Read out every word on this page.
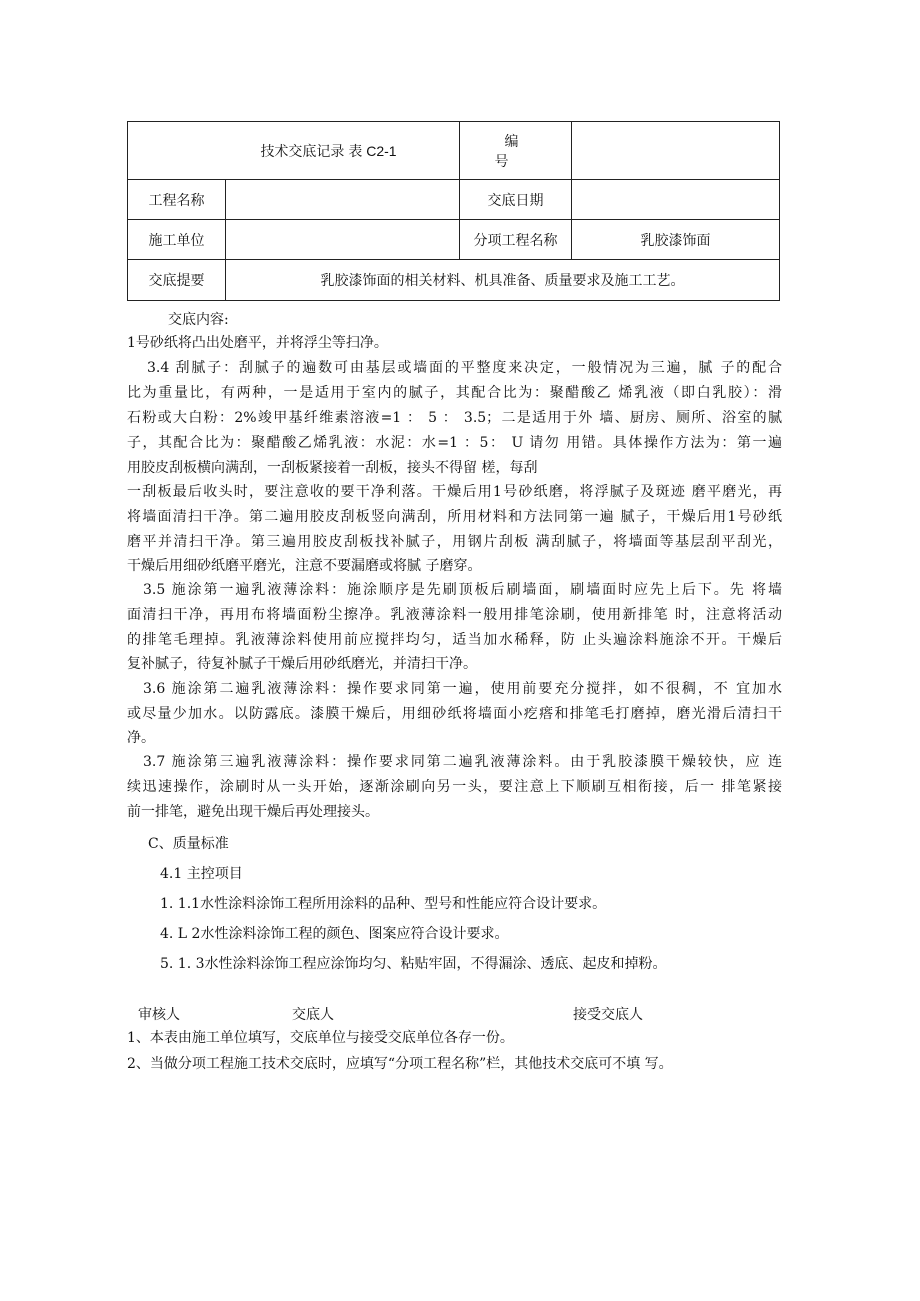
技术交底记录 表 C2-1		编 号	
工程名称		交底日期	
施工单位		分项工程名称	乳胶漆饰面
交底提要	乳胶漆饰面的相关材料、机具准备、质量要求及施工工艺。		
交底内容:
1号砂纸将凸出处磨平，并将浮尘等扫净。
3.4 刮腻子：刮腻子的遍数可由基层或墙面的平整度来决定，一般情况为三遍，腻 子的配合
比为重量比，有两种，一是适用于室内的腻子，其配合比为：聚醋酸乙 烯乳液（即白乳胶）：滑
石粉或大白粉：2%竣甲基纤维素溶液=1 ： 5 ： 3.5；二是适用于外 墙、厨房、厕所、浴室的腻
子，其配合比为：聚醋酸乙烯乳液：水泥：水=1 ：5： U 请勿 用错。具体操作方法为：第一遍
用胶皮刮板横向满刮，一刮板紧接着一刮板，接头不得留 槎，每刮
一刮板最后收头时，要注意收的要干净利落。干燥后用1号砂纸磨，将浮腻子及斑迹 磨平磨光，再
将墙面清扫干净。第二遍用胶皮刮板竖向满刮，所用材料和方法同第一遍 腻子，干燥后用1号砂纸
磨平并清扫干净。第三遍用胶皮刮板找补腻子，用钢片刮板 满刮腻子，将墙面等基层刮平刮光，
干燥后用细砂纸磨平磨光，注意不要漏磨或将腻 子磨穿。
3.5 施涂第一遍乳液薄涂料：施涂顺序是先刷顶板后刷墙面，刷墙面时应先上后下。先 将墙
面清扫干净，再用布将墙面粉尘擦净。乳液薄涂料一般用排笔涂刷，使用新排笔 时，注意将活动
的排笔毛理掉。乳液薄涂料使用前应搅拌均匀，适当加水稀释，防 止头遍涂料施涂不开。干燥后
复补腻子，待复补腻子干燥后用砂纸磨光，并清扫干净。
3.6 施涂第二遍乳液薄涂料：操作要求同第一遍，使用前要充分搅拌，如不很稠，不 宜加水
或尽量少加水。以防露底。漆膜干燥后，用细砂纸将墙面小疙瘩和排笔毛打磨掉，磨光滑后清扫干
净。
3.7 施涂第三遍乳液薄涂料：操作要求同第二遍乳液薄涂料。由于乳胶漆膜干燥较快，应 连
续迅速操作，涂刷时从一头开始，逐渐涂刷向另一头，要注意上下顺刷互相衔接，后一 排笔紧接
前一排笔，避免出现干燥后再处理接头。
C、质量标准
4.1 主控项目
1. 1.1水性涂料涂饰工程所用涂料的品种、型号和性能应符合设计要求。
4. L 2水性涂料涂饰工程的颜色、图案应符合设计要求。
5. 1. 3水性涂料涂饰工程应涂饰均匀、粘贴牢固，不得漏涂、透底、起皮和掉粉。
审核人	交底人	接受交底人
1、本表由施工单位填写，交底单位与接受交底单位各存一份。
2、当做分项工程施工技术交底时，应填写“分项工程名称”栏，其他技术交底可不填 写。
